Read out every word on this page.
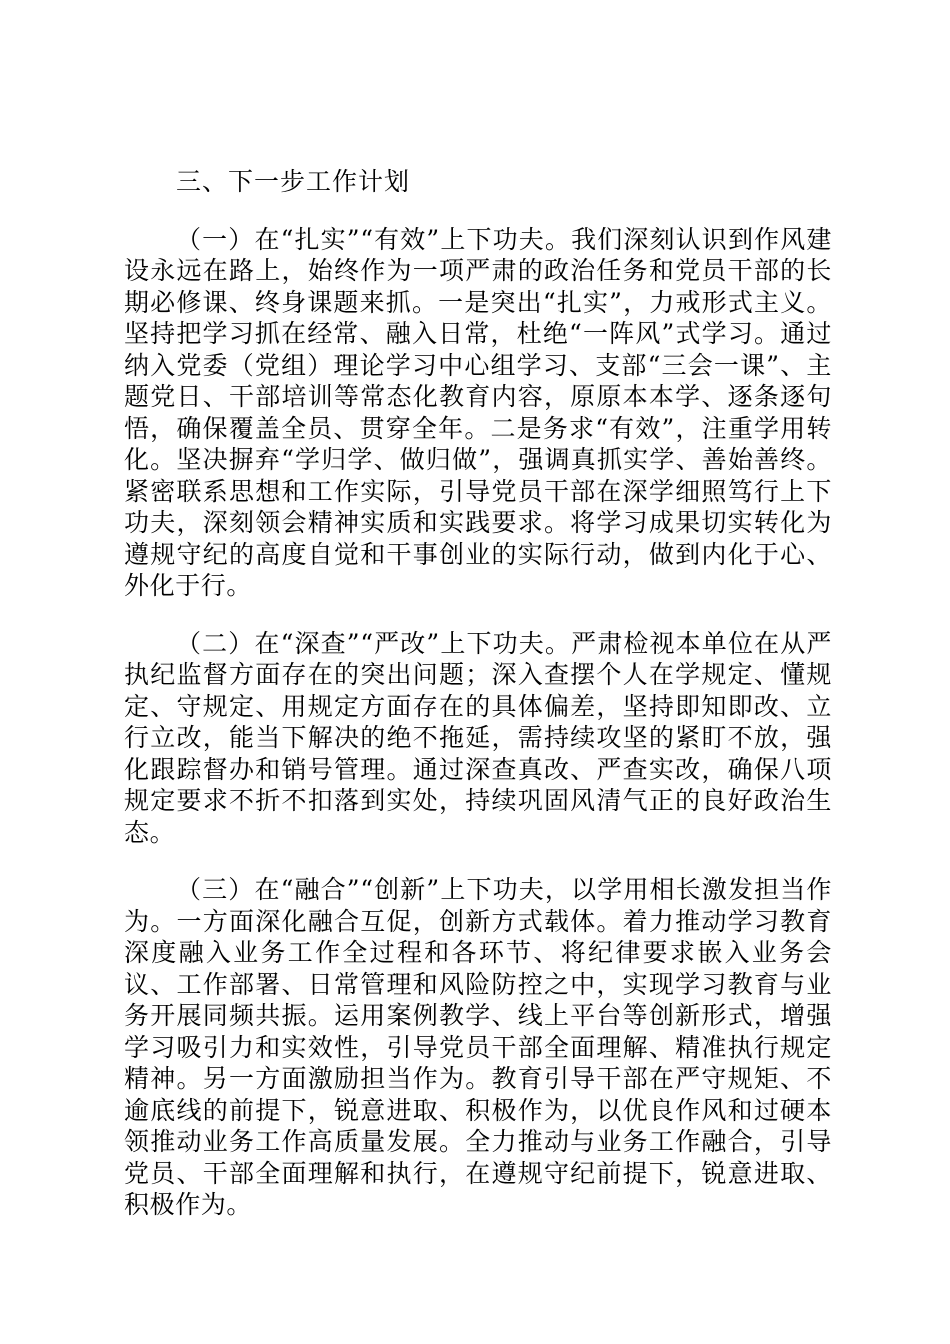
三、下一步工作计划

（一）在“扎实”“有效”上下功夫。我们深刻认识到作风建设永远在路上，始终作为一项严肃的政治任务和党员干部的长期必修课、终身课题来抓。一是突出“扎实”，力戒形式主义。坚持把学习抓在经常、融入日常，杜绝“一阵风”式学习。通过纳入党委（党组）理论学习中心组学习、支部“三会一课”、主题党日、干部培训等常态化教育内容，原原本本学、逐条逐句悟，确保覆盖全员、贯穿全年。二是务求“有效”，注重学用转化。坚决摒弃“学归学、做归做”，强调真抓实学、善始善终。紧密联系思想和工作实际，引导党员干部在深学细照笃行上下功夫，深刻领会精神实质和实践要求。将学习成果切实转化为遵规守纪的高度自觉和干事创业的实际行动，做到内化于心、外化于行。

（二）在“深查”“严改”上下功夫。严肃检视本单位在从严执纪监督方面存在的突出问题；深入查摆个人在学规定、懂规定、守规定、用规定方面存在的具体偏差，坚持即知即改、立行立改，能当下解决的绝不拖延，需持续攻坚的紧盯不放，强化跟踪督办和销号管理。通过深查真改、严查实改，确保八项规定要求不折不扣落到实处，持续巩固风清气正的良好政治生态。

（三）在“融合”“创新”上下功夫，以学用相长激发担当作为。一方面深化融合互促，创新方式载体。着力推动学习教育深度融入业务工作全过程和各环节、将纪律要求嵌入业务会议、工作部署、日常管理和风险防控之中，实现学习教育与业务开展同频共振。运用案例教学、线上平台等创新形式，增强学习吸引力和实效性，引导党员干部全面理解、精准执行规定精神。另一方面激励担当作为。教育引导干部在严守规矩、不逾底线的前提下，锐意进取、积极作为，以优良作风和过硬本领推动业务工作高质量发展。全力推动与业务工作融合，引导党员、干部全面理解和执行，在遵规守纪前提下，锐意进取、积极作为。
